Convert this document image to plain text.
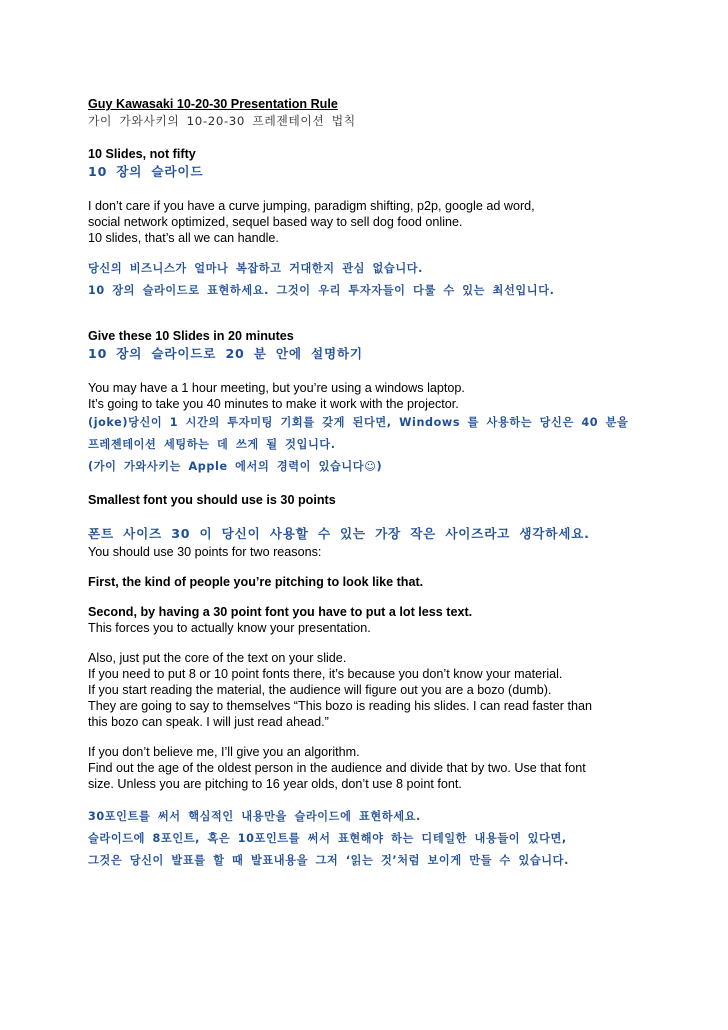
Guy Kawasaki 10-20-30 Presentation Rule

가이 가와사키의 10-20-30 프레젠테이션 법칙

10 Slides, not fifty

10 장의 슬라이드

I don’t care if you have a curve jumping, paradigm shifting, p2p, google ad word,

social network optimized, sequel based way to sell dog food online.

10 slides, that’s all we can handle.

당신의 비즈니스가 얼마나 복잡하고 거대한지 관심 없습니다.

10 장의 슬라이드로 표현하세요. 그것이 우리 투자자들이 다룰 수 있는 최선입니다.

Give these 10 Slides in 20 minutes

10 장의 슬라이드로 20 분 안에 설명하기

You may have a 1 hour meeting, but you’re using a windows laptop.

It’s going to take you 40 minutes to make it work with the projector.

(joke)당신이 1 시간의 투자미팅 기회를 갖게 된다면, Windows 를 사용하는 당신은 40 분을

프레젠테이션 세팅하는 데 쓰게 될 것입니다.

(가이 가와사키는 Apple 에서의 경력이 있습니다☺)

Smallest font you should use is 30 points

폰트 사이즈 30 이 당신이 사용할 수 있는 가장 작은 사이즈라고 생각하세요.

You should use 30 points for two reasons:

First, the kind of people you’re pitching to look like that.

Second, by having a 30 point font you have to put a lot less text.

This forces you to actually know your presentation.

Also, just put the core of the text on your slide.

If you need to put 8 or 10 point fonts there, it’s because you don’t know your material.

If you start reading the material, the audience will figure out you are a bozo (dumb).

They are going to say to themselves “This bozo is reading his slides. I can read faster than

this bozo can speak. I will just read ahead.”

If you don’t believe me, I’ll give you an algorithm.

Find out the age of the oldest person in the audience and divide that by two. Use that font

size. Unless you are pitching to 16 year olds, don’t use 8 point font.

30포인트를 써서 핵심적인 내용만을 슬라이드에 표현하세요.

슬라이드에 8포인트, 혹은 10포인트를 써서 표현해야 하는 디테일한 내용들이 있다면,

그것은 당신이 발표를 할 때 발표내용을 그저 ‘읽는 것’처럼 보이게 만들 수 있습니다.
